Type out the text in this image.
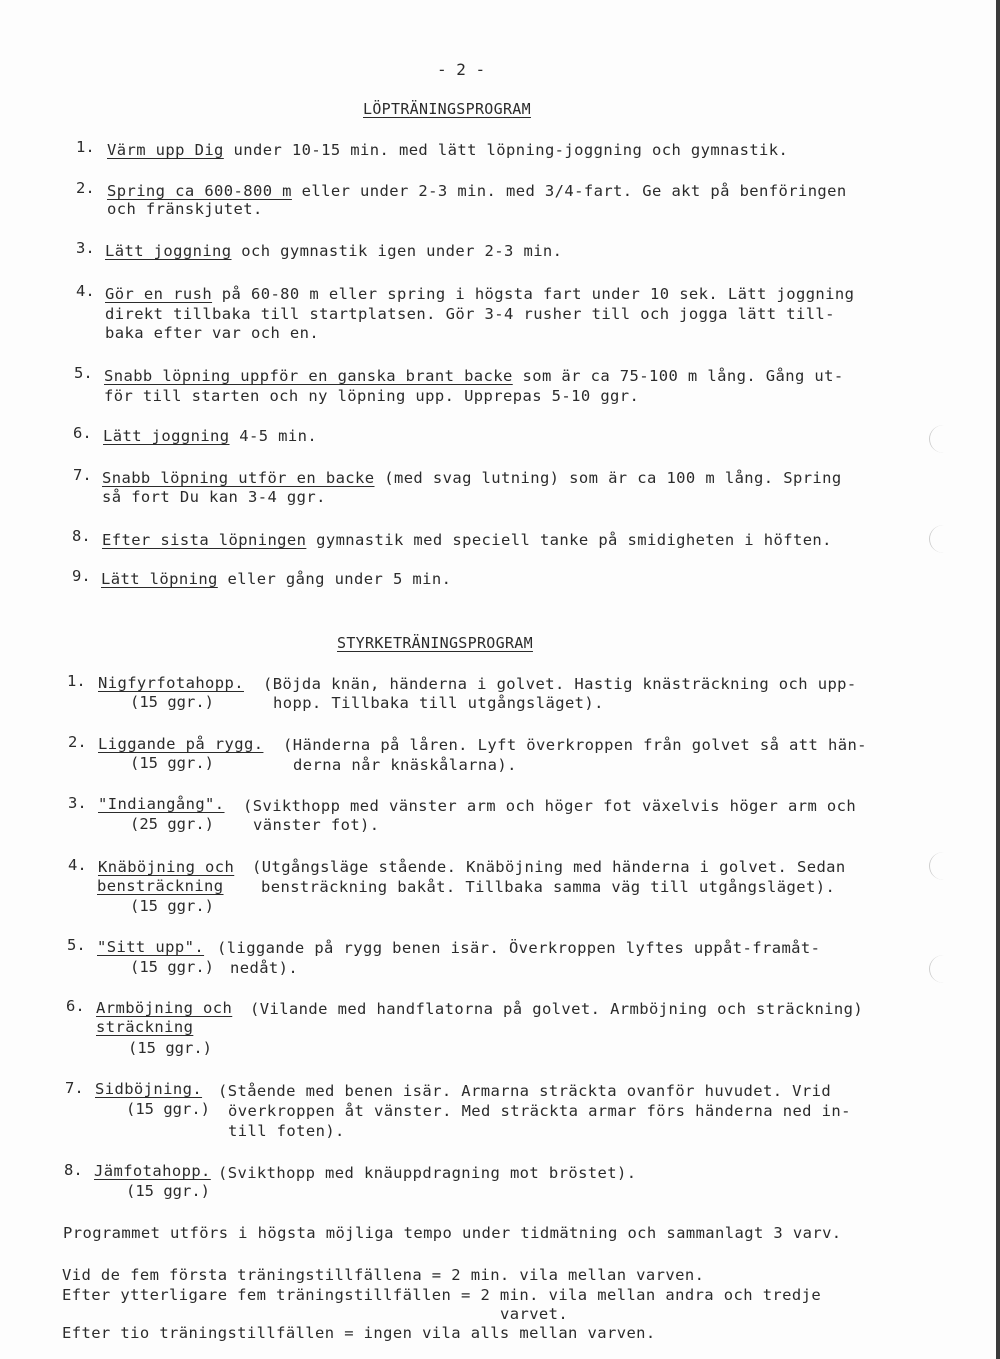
- 2 -
LÖPTRÄNINGSPROGRAM
1. Värm upp Dig under 10-15 min. med lätt löpning-joggning och gymnastik.
2. Spring ca 600-800 m eller under 2-3 min. med 3/4-fart. Ge akt på benföringen
och fränskjutet.
3. Lätt joggning och gymnastik igen under 2-3 min.
4. Gör en rush på 60-80 m eller spring i högsta fart under 10 sek. Lätt joggning
direkt tillbaka till startplatsen. Gör 3-4 rusher till och jogga lätt till-
baka efter var och en.
5. Snabb löpning uppför en ganska brant backe som är ca 75-100 m lång. Gång ut-
för till starten och ny löpning upp. Upprepas 5-10 ggr.
6. Lätt joggning 4-5 min.
7. Snabb löpning utför en backe (med svag lutning) som är ca 100 m lång. Spring
så fort Du kan 3-4 ggr.
8. Efter sista löpningen gymnastik med speciell tanke på smidigheten i höften.
9. Lätt löpning eller gång under 5 min.
STYRKETRÄNINGSPROGRAM
1. Nigfyrfotahopp. (Böjda knän, händerna i golvet. Hastig knästräckning och upp-
(15 ggr.)	hopp. Tillbaka till utgångsläget).
2. Liggande på rygg. (Händerna på låren. Lyft överkroppen från golvet så att hän-
(15 ggr.)	derna når knäskålarna).
3. "Indiangång". (Svikthopp med vänster arm och höger fot växelvis höger arm och
(25 ggr.)	vänster fot).
4. Knäböjning och
bensträckning
(Utgångsläge stående. Knäböjning med händerna i golvet. Sedan
bensträckning bakåt. Tillbaka samma väg till utgångsläget).
(15 ggr.)
5. "Sitt upp". (liggande på rygg benen isär. Överkroppen lyftes uppåt-framåt-
(15 ggr.) nedåt).
6. Armböjning och
sträckning
(Vilande med handflatorna på golvet. Armböjning och sträckning)
(15 ggr.)
7. Sidböjning. (Stående med benen isär. Armarna sträckta ovanför huvudet. Vrid
(15 ggr.) överkroppen åt vänster. Med sträckta armar förs händerna ned in-
till foten).
8. Jämfotahopp. (Svikthopp med knäuppdragning mot bröstet).
(15 ggr.)
Programmet utförs i högsta möjliga tempo under tidmätning och sammanlagt 3 varv.
Vid de fem första träningstillfällena = 2 min. vila mellan varven.
Efter ytterligare fem träningstillfällen = 2 min. vila mellan andra och tredje
varvet.
Efter tio träningstillfällen = ingen vila alls mellan varven.
